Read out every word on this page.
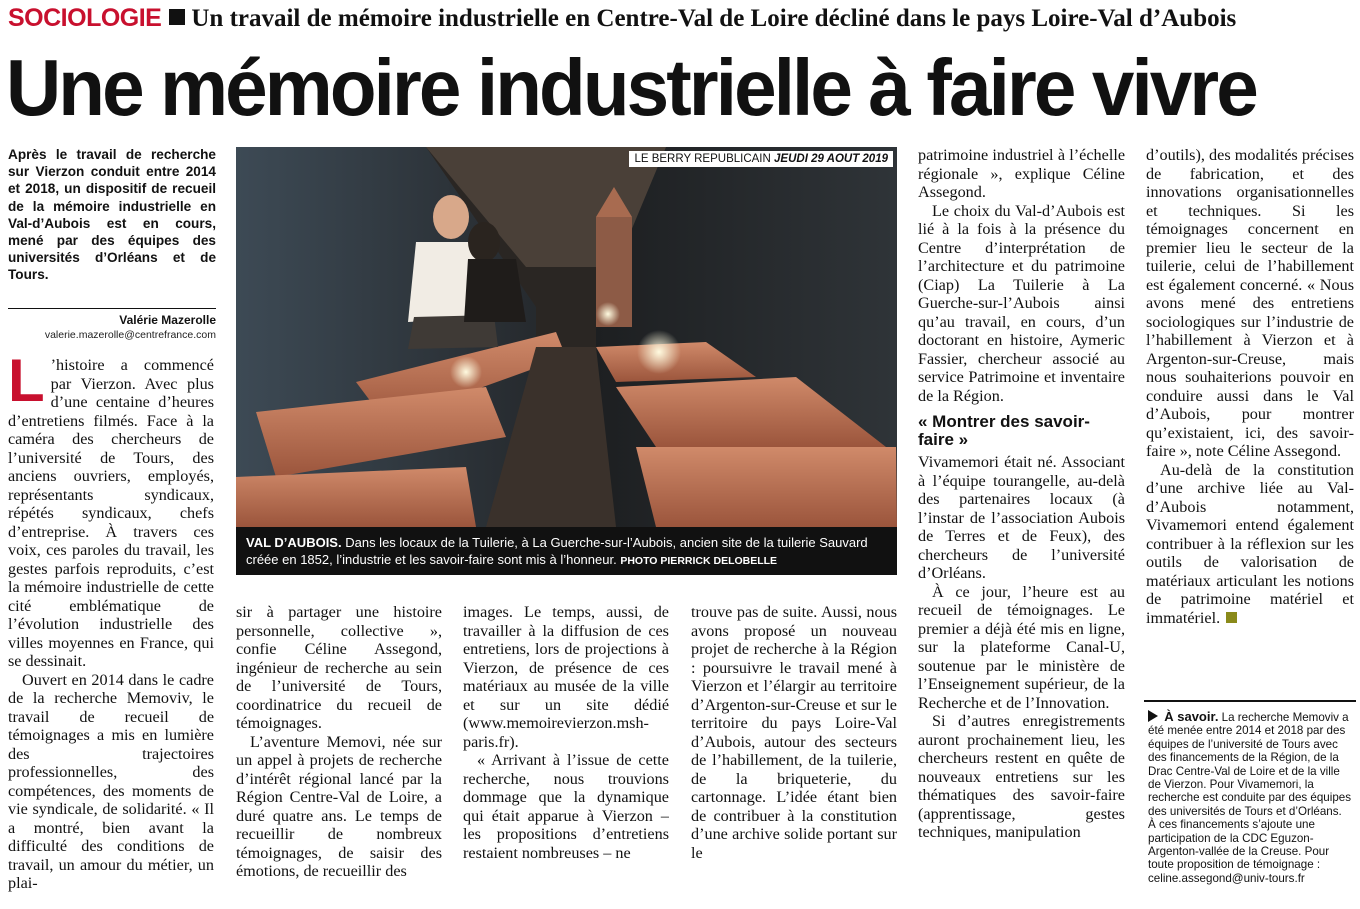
SOCIOLOGIE Un travail de mémoire industrielle en Centre-Val de Loire décliné dans le pays Loire-Val d’Aubois
Une mémoire industrielle à faire vivre
Après le travail de recherche sur Vierzon conduit entre 2014 et 2018, un dispositif de recueil de la mémoire industrielle en Val-d’Aubois est en cours, mené par des équipes des universités d’Orléans et de Tours.
Valérie Mazerolle
valerie.mazerolle@centrefrance.com

L ’histoire a commencé par Vierzon. Avec plus d’une centaine d’heures d’entretiens filmés. Face à la caméra des chercheurs de l’université de Tours, des anciens ouvriers, employés, représentants syndicaux, répétés syndicaux, chefs d’entreprise. À travers ces voix, ces paroles du travail, les gestes parfois reproduits, c’est la mémoire industrielle de cette cité emblématique de l’évolution industrielle des villes moyennes en France, qui se dessinait.

Ouvert en 2014 dans le cadre de la recherche Memoviv, le travail de recueil de témoignages a mis en lumière des trajectoires professionnelles, des compétences, des moments de vie syndicale, de solidarité. « Il a montré, bien avant la difficulté des conditions de travail, un amour du métier, un plai-

LE BERRY REPUBLICAIN JEUDI 29 AOUT 2019
VAL D’AUBOIS. Dans les locaux de la Tuilerie, à La Guerche-sur-l’Aubois, ancien site de la tuilerie Sauvard créée en 1852, l’industrie et les savoir-faire sont mis à l’honneur. PHOTO PIERRICK DELOBELLE

sir à partager une histoire personnelle, collective », confie Céline Assegond, ingénieur de recherche au sein de l’université de Tours, coordinatrice du recueil de témoignages.

L’aventure Memovi, née sur un appel à projets de recherche d’intérêt régional lancé par la Région Centre-Val de Loire, a duré quatre ans. Le temps de recueillir de nombreux témoignages, de saisir des émotions, de recueillir des

images. Le temps, aussi, de travailler à la diffusion de ces entretiens, lors de projections à Vierzon, de présence de ces matériaux au musée de la ville et sur un site dédié (www.memoirevierzon.msh-paris.fr).

« Arrivant à l’issue de cette recherche, nous trouvions dommage que la dynamique qui était apparue à Vierzon – les propositions d’entretiens restaient nombreuses – ne

trouve pas de suite. Aussi, nous avons proposé un nouveau projet de recherche à la Région : poursuivre le travail mené à Vierzon et l’élargir au territoire d’Argenton-sur-Creuse et sur le territoire du pays Loire-Val d’Aubois, autour des secteurs de l’habillement, de la tuilerie, de la briqueterie, du cartonnage. L’idée étant bien de contribuer à la constitution d’une archive solide portant sur le

patrimoine industriel à l’échelle régionale », explique Céline Assegond.

Le choix du Val-d’Aubois est lié à la fois à la présence du Centre d’interprétation de l’architecture et du patrimoine (Ciap) La Tuilerie à La Guerche-sur-l’Aubois ainsi qu’au travail, en cours, d’un doctorant en histoire, Aymeric Fassier, chercheur associé au service Patrimoine et inventaire de la Région.

« Montrer des savoir-faire »

Vivamemori était né. Associant à l’équipe tourangelle, au-delà des partenaires locaux (à l’instar de l’association Aubois de Terres et de Feux), des chercheurs de l’université d’Orléans.

À ce jour, l’heure est au recueil de témoignages. Le premier a déjà été mis en ligne, sur la plateforme Canal-U, soutenue par le ministère de l’Enseignement supérieur, de la Recherche et de l’Innovation.

Si d’autres enregistrements auront prochainement lieu, les chercheurs restent en quête de nouveaux entretiens sur les thématiques des savoir-faire (apprentissage, gestes techniques, manipulation

d’outils), des modalités précises de fabrication, et des innovations organisationnelles et techniques. Si les témoignages concernent en premier lieu le secteur de la tuilerie, celui de l’habillement est également concerné. « Nous avons mené des entretiens sociologiques sur l’industrie de l’habillement à Vierzon et à Argenton-sur-Creuse, mais nous souhaiterions pouvoir en conduire aussi dans le Val d’Aubois, pour montrer qu’existaient, ici, des savoir-faire », note Céline Assegond.

Au-delà de la constitution d’une archive liée au Val-d’Aubois notamment, Vivamemori entend également contribuer à la réflexion sur les outils de valorisation de matériaux articulant les notions de patrimoine matériel et immatériel.

À savoir. La recherche Memoviv a été menée entre 2014 et 2018 par des équipes de l’université de Tours avec des financements de la Région, de la Drac Centre-Val de Loire et de la ville de Vierzon. Pour Vivamemori, la recherche est conduite par des équipes des universités de Tours et d’Orléans. À ces financements s’ajoute une participation de la CDC Eguzon-Argenton-vallée de la Creuse. Pour toute proposition de témoignage : celine.assegond@univ-tours.fr
